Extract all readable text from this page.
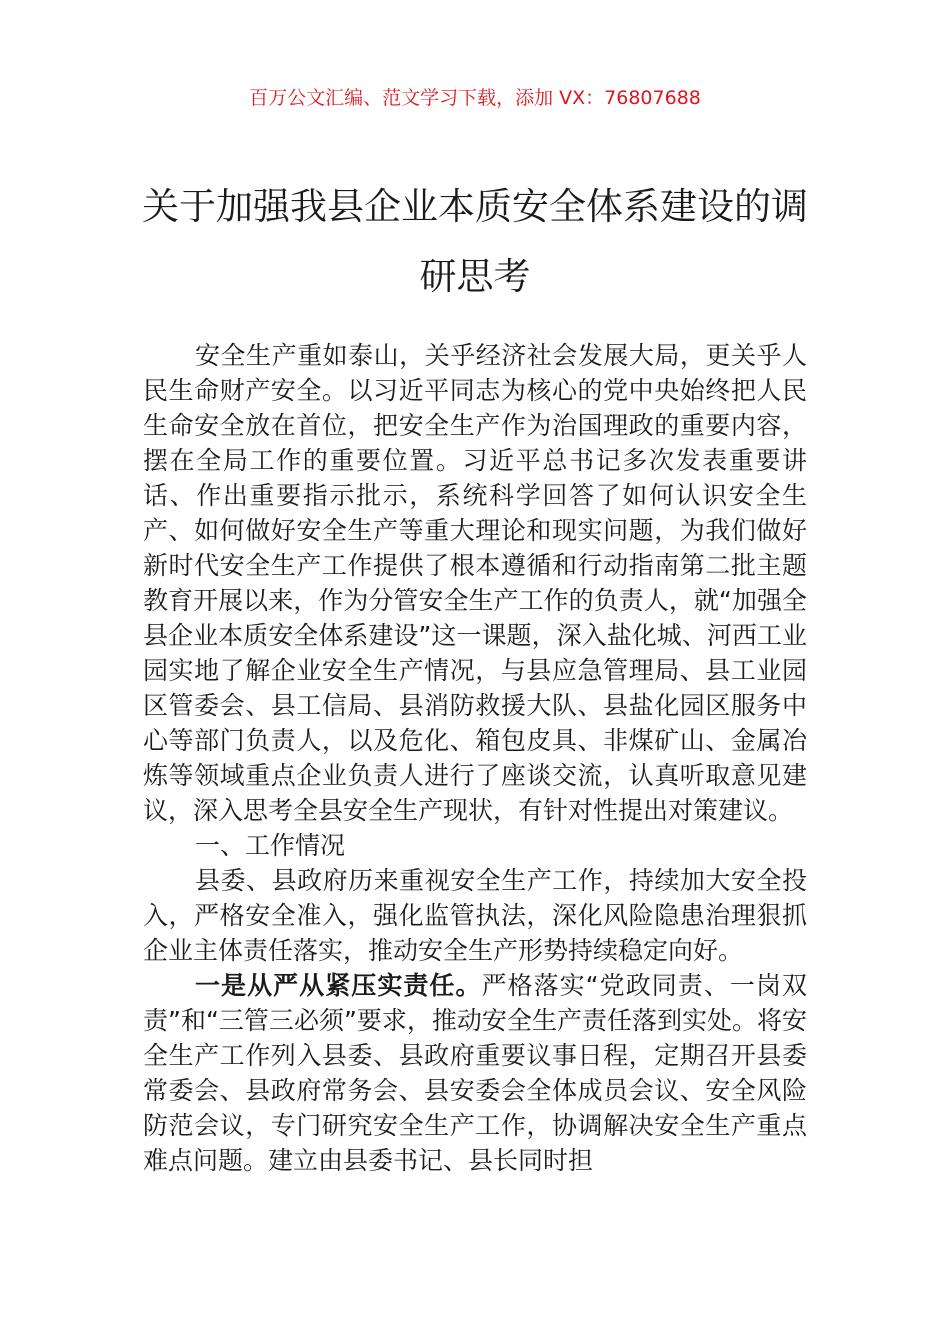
百万公文汇编、范文学习下载，添加 VX：76807688
关于加强我县企业本质安全体系建设的调研思考

安全生产重如泰山，关乎经济社会发展大局，更关乎人民生命财产安全。以习近平同志为核心的党中央始终把人民生命安全放在首位，把安全生产作为治国理政的重要内容，摆在全局工作的重要位置。习近平总书记多次发表重要讲话、作出重要指示批示，系统科学回答了如何认识安全生产、如何做好安全生产等重大理论和现实问题，为我们做好新时代安全生产工作提供了根本遵循和行动指南第二批主题教育开展以来，作为分管安全生产工作的负责人，就“加强全县企业本质安全体系建设”这一课题，深入盐化城、河西工业园实地了解企业安全生产情况，与县应急管理局、县工业园区管委会、县工信局、县消防救援大队、县盐化园区服务中心等部门负责人，以及危化、箱包皮具、非煤矿山、金属冶炼等领域重点企业负责人进行了座谈交流，认真听取意见建议，深入思考全县安全生产现状，有针对性提出对策建议。

一、工作情况

县委、县政府历来重视安全生产工作，持续加大安全投入，严格安全准入，强化监管执法，深化风险隐患治理狠抓企业主体责任落实，推动安全生产形势持续稳定向好。

一是从严从紧压实责任。严格落实“党政同责、一岗双责”和“三管三必须”要求，推动安全生产责任落到实处。将安全生产工作列入县委、县政府重要议事日程，定期召开县委常委会、县政府常务会、县安委会全体成员会议、安全风险防范会议，专门研究安全生产工作，协调解决安全生产重点难点问题。建立由县委书记、县长同时担
